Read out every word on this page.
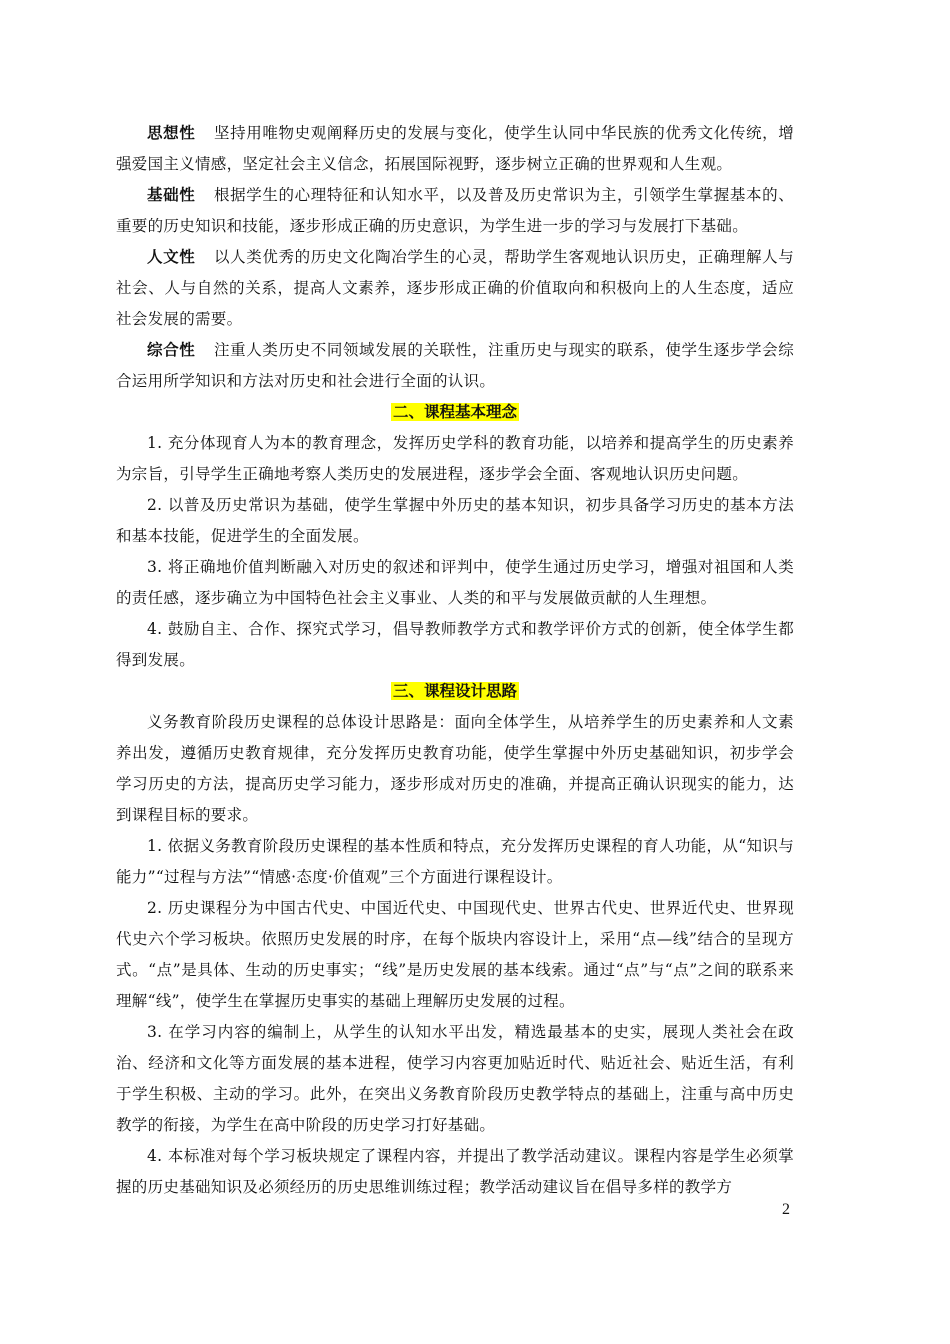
思想性 坚持用唯物史观阐释历史的发展与变化，使学生认同中华民族的优秀文化传统，增强爱国主义情感，坚定社会主义信念，拓展国际视野，逐步树立正确的世界观和人生观。

基础性 根据学生的心理特征和认知水平，以及普及历史常识为主，引领学生掌握基本的、重要的历史知识和技能，逐步形成正确的历史意识，为学生进一步的学习与发展打下基础。

人文性 以人类优秀的历史文化陶冶学生的心灵，帮助学生客观地认识历史，正确理解人与社会、人与自然的关系，提高人文素养，逐步形成正确的价值取向和积极向上的人生态度，适应社会发展的需要。

综合性 注重人类历史不同领域发展的关联性，注重历史与现实的联系，使学生逐步学会综合运用所学知识和方法对历史和社会进行全面的认识。

二、课程基本理念

1. 充分体现育人为本的教育理念，发挥历史学科的教育功能，以培养和提高学生的历史素养为宗旨，引导学生正确地考察人类历史的发展进程，逐步学会全面、客观地认识历史问题。

2. 以普及历史常识为基础，使学生掌握中外历史的基本知识，初步具备学习历史的基本方法和基本技能，促进学生的全面发展。

3. 将正确地价值判断融入对历史的叙述和评判中，使学生通过历史学习，增强对祖国和人类的责任感，逐步确立为中国特色社会主义事业、人类的和平与发展做贡献的人生理想。

4. 鼓励自主、合作、探究式学习，倡导教师教学方式和教学评价方式的创新，使全体学生都得到发展。

三、课程设计思路

义务教育阶段历史课程的总体设计思路是：面向全体学生，从培养学生的历史素养和人文素养出发，遵循历史教育规律，充分发挥历史教育功能，使学生掌握中外历史基础知识，初步学会学习历史的方法，提高历史学习能力，逐步形成对历史的准确，并提高正确认识现实的能力，达到课程目标的要求。

1. 依据义务教育阶段历史课程的基本性质和特点，充分发挥历史课程的育人功能，从“知识与能力”“过程与方法”“情感·态度·价值观”三个方面进行课程设计。

2. 历史课程分为中国古代史、中国近代史、中国现代史、世界古代史、世界近代史、世界现代史六个学习板块。依照历史发展的时序，在每个版块内容设计上，采用“点—线”结合的呈现方式。“点”是具体、生动的历史事实；“线”是历史发展的基本线索。通过“点”与“点”之间的联系来理解“线”，使学生在掌握历史事实的基础上理解历史发展的过程。

3. 在学习内容的编制上，从学生的认知水平出发，精选最基本的史实，展现人类社会在政治、经济和文化等方面发展的基本进程，使学习内容更加贴近时代、贴近社会、贴近生活，有利于学生积极、主动的学习。此外，在突出义务教育阶段历史教学特点的基础上，注重与高中历史教学的衔接，为学生在高中阶段的历史学习打好基础。

4. 本标准对每个学习板块规定了课程内容，并提出了教学活动建议。课程内容是学生必须掌握的历史基础知识及必须经历的历史思维训练过程；教学活动建议旨在倡导多样的教学方

2
